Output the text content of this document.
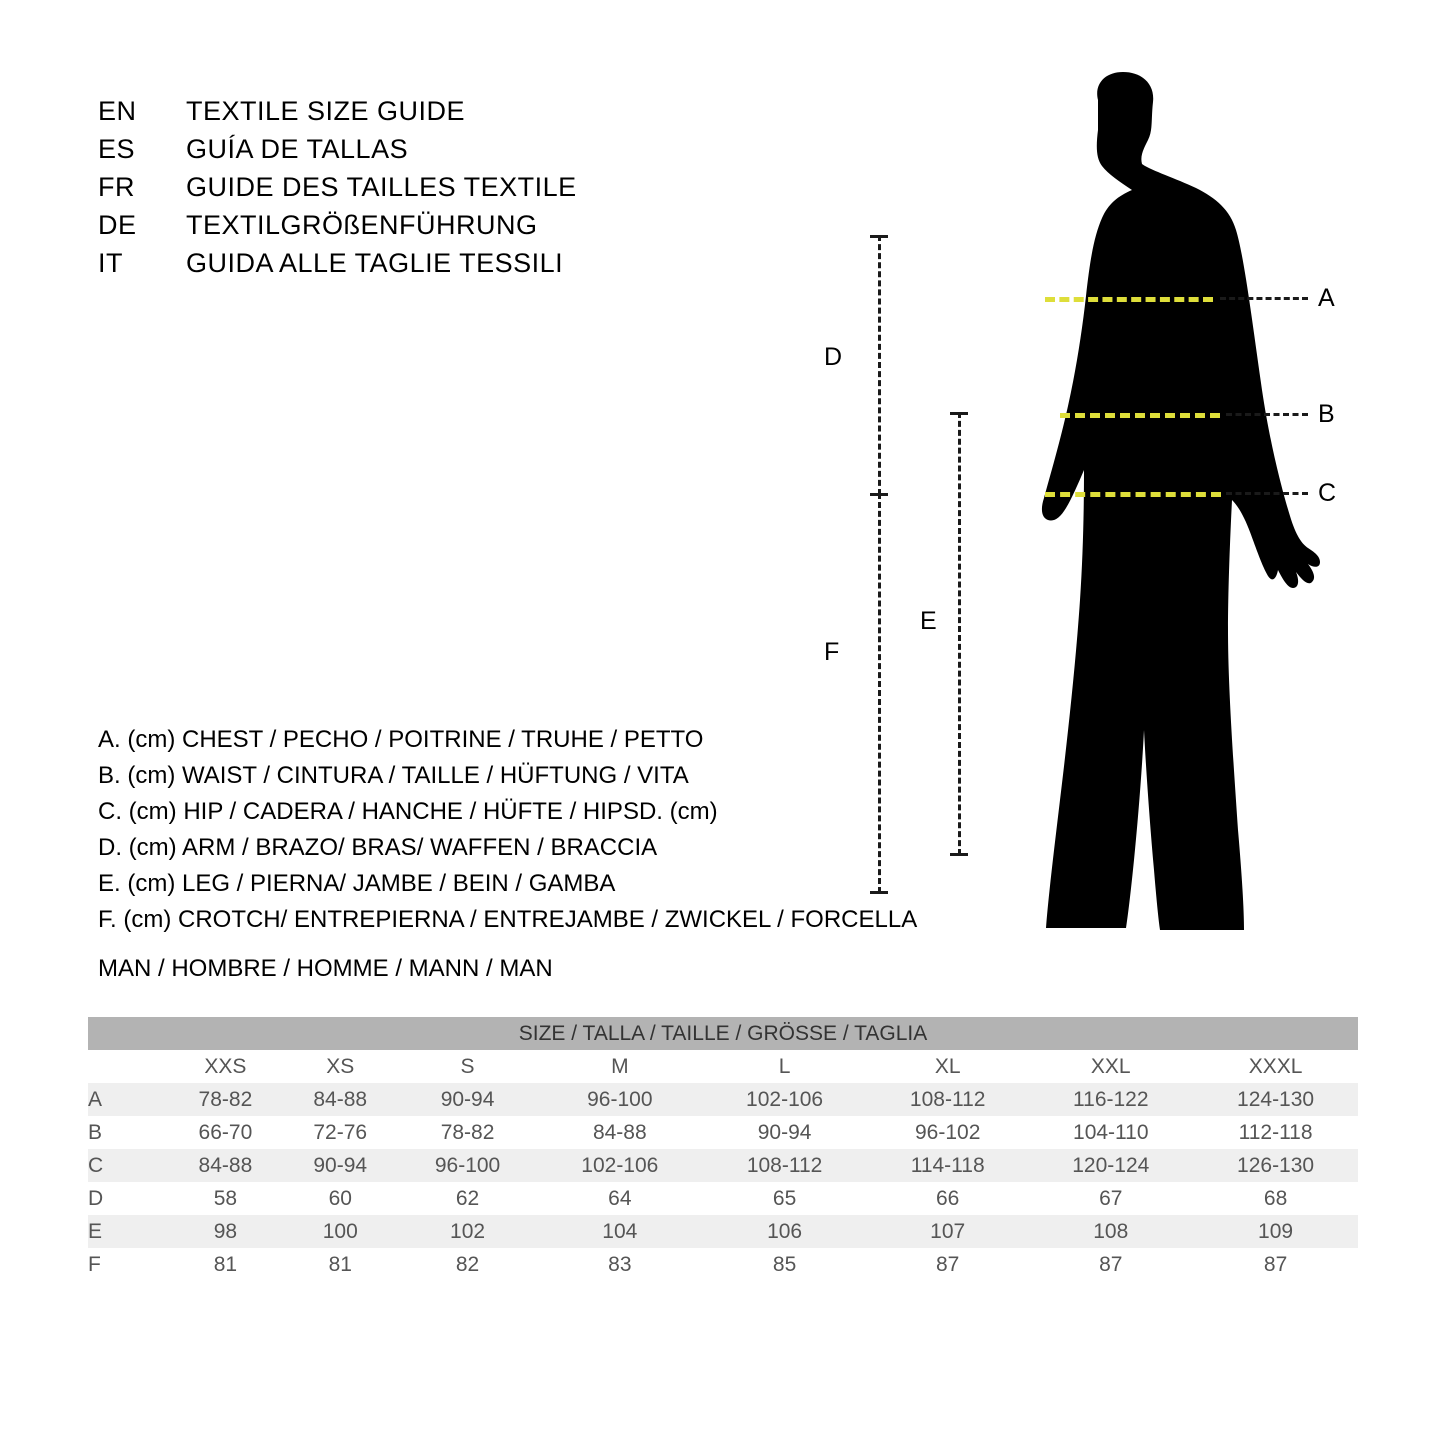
EN	TEXTILE SIZE GUIDE
ES	GUÍA DE TALLAS
FR	GUIDE DES TAILLES TEXTILE
DE	TEXTILGRÖßENFÜHRUNG
IT	GUIDA ALLE TAGLIE TESSILI
A. (cm) CHEST / PECHO / POITRINE / TRUHE / PETTO
B. (cm) WAIST / CINTURA / TAILLE / HÜFTUNG / VITA
C. (cm) HIP / CADERA / HANCHE / HÜFTE / HIPSD. (cm)
D. (cm) ARM / BRAZO/ BRAS/ WAFFEN / BRACCIA
E. (cm) LEG / PIERNA/ JAMBE / BEIN / GAMBA
F. (cm) CROTCH/ ENTREPIERNA / ENTREJAMBE / ZWICKEL / FORCELLA
MAN / HOMBRE / HOMME / MANN / MAN
A
B
C
D
E
F
SIZE / TALLA / TAILLE / GRÖSSE / TAGLIA								
	XXS	XS	S	M	L	XL	XXL	XXXL
A	78-82	84-88	90-94	96-100	102-106	108-112	116-122	124-130
B	66-70	72-76	78-82	84-88	90-94	96-102	104-110	112-118
C	84-88	90-94	96-100	102-106	108-112	114-118	120-124	126-130
D	58	60	62	64	65	66	67	68
E	98	100	102	104	106	107	108	109
F	81	81	82	83	85	87	87	87
